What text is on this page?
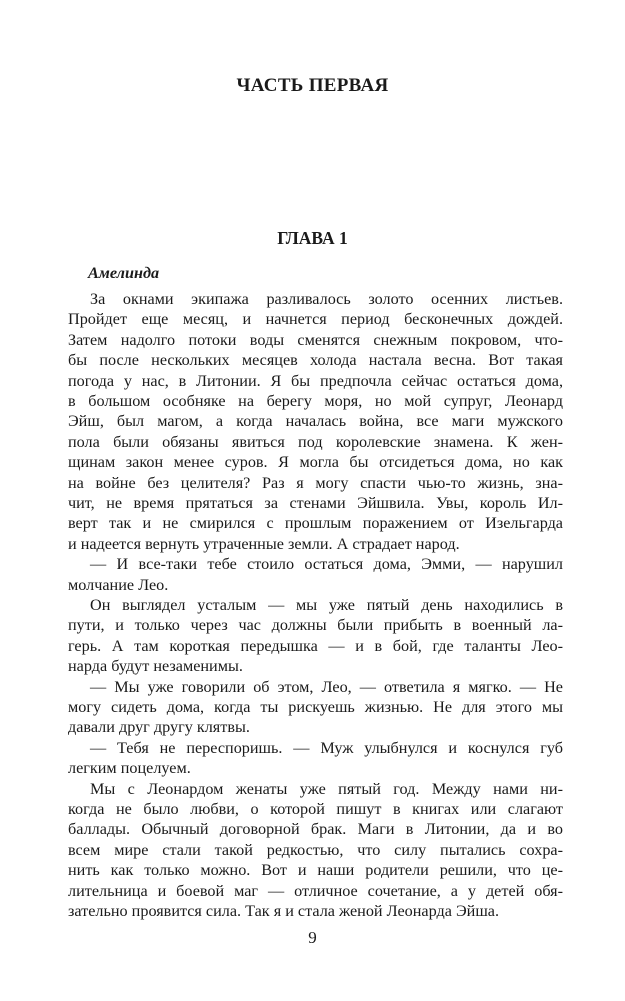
ЧАСТЬ ПЕРВАЯ
ГЛАВА 1
Амелинда
За окнами экипажа разливалось золото осенних листьев.
Пройдет еще месяц, и начнется период бесконечных дождей.
Затем надолго потоки воды сменятся снежным покровом, что-
бы после нескольких месяцев холода настала весна. Вот такая
погода у нас, в Литонии. Я бы предпочла сейчас остаться дома,
в большом особняке на берегу моря, но мой супруг, Леонард
Эйш, был магом, а когда началась война, все маги мужского
пола были обязаны явиться под королевские знамена. К жен-
щинам закон менее суров. Я могла бы отсидеться дома, но как
на войне без целителя? Раз я могу спасти чью-то жизнь, зна-
чит, не время прятаться за стенами Эйшвила. Увы, король Ил-
верт так и не смирился с прошлым поражением от Изельгарда
и надеется вернуть утраченные земли. А страдает народ.
— И все-таки тебе стоило остаться дома, Эмми, — нарушил
молчание Лео.
Он выглядел усталым — мы уже пятый день находились в
пути, и только через час должны были прибыть в военный ла-
герь. А там короткая передышка — и в бой, где таланты Лео-
нарда будут незаменимы.
— Мы уже говорили об этом, Лео, — ответила я мягко. — Не
могу сидеть дома, когда ты рискуешь жизнью. Не для этого мы
давали друг другу клятвы.
— Тебя не переспоришь. — Муж улыбнулся и коснулся губ
легким поцелуем.
Мы с Леонардом женаты уже пятый год. Между нами ни-
когда не было любви, о которой пишут в книгах или слагают
баллады. Обычный договорной брак. Маги в Литонии, да и во
всем мире стали такой редкостью, что силу пытались сохра-
нить как только можно. Вот и наши родители решили, что це-
лительница и боевой маг — отличное сочетание, а у детей обя-
зательно проявится сила. Так я и стала женой Леонарда Эйша.
9
